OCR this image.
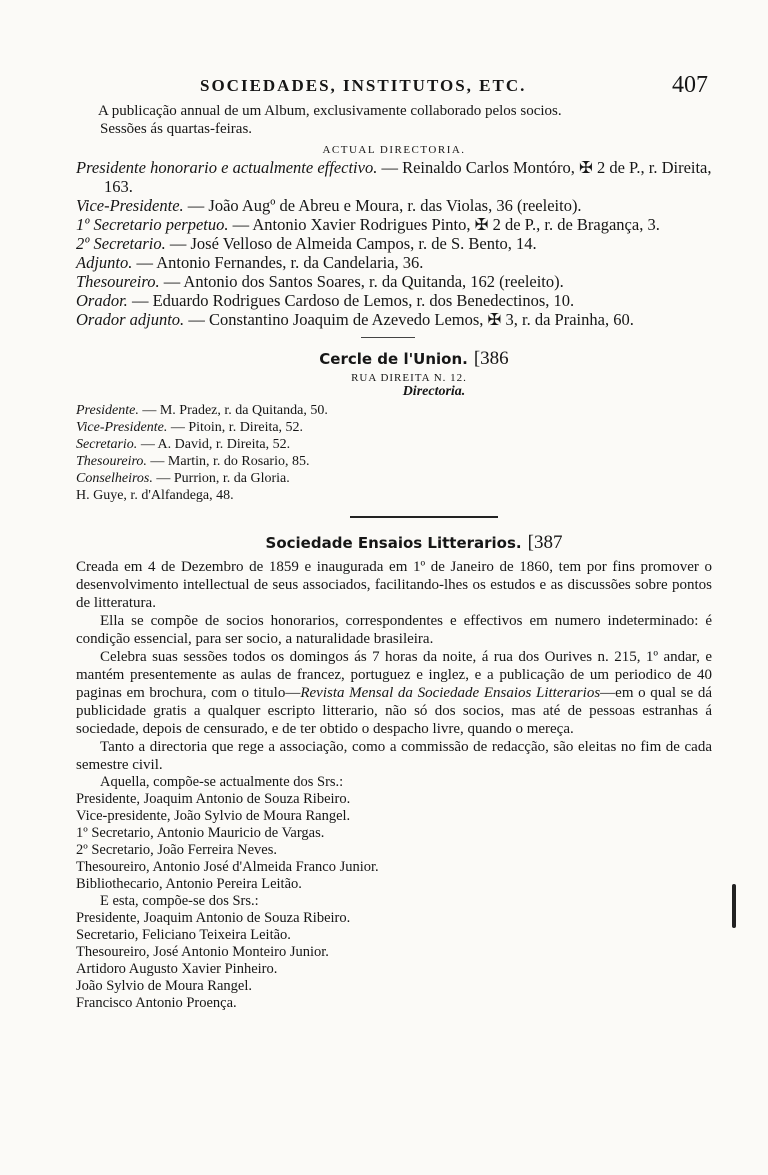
SOCIEDADES, INSTITUTOS, ETC.	407

A publicação annual de um Album, exclusivamente collaborado pelos socios.

Sessões ás quartas-feiras.

ACTUAL DIRECTORIA.

Presidente honorario e actualmente effectivo. — Reinaldo Carlos Montóro, ✠ 2 de P., r. Direita, 163.

Vice-Presidente. — João Augº de Abreu e Moura, r. das Violas, 36 (reeleito).

1º Secretario perpetuo. — Antonio Xavier Rodrigues Pinto, ✠ 2 de P., r. de Bragança, 3.

2º Secretario. — José Velloso de Almeida Campos, r. de S. Bento, 14.

Adjunto. — Antonio Fernandes, r. da Candelaria, 36.

Thesoureiro. — Antonio dos Santos Soares, r. da Quitanda, 162 (reeleito).

Orador. — Eduardo Rodrigues Cardoso de Lemos, r. dos Benedectinos, 10.

Orador adjunto. — Constantino Joaquim de Azevedo Lemos, ✠ 3, r. da Prainha, 60.

Cercle de l'Union. [386
RUA DIREITA N. 12.
Directoria.

Presidente. — M. Pradez, r. da Quitanda, 50.

Vice-Presidente. — Pitoin, r. Direita, 52.

Secretario. — A. David, r. Direita, 52.

Thesoureiro. — Martin, r. do Rosario, 85.

Conselheiros. — Purrion, r. da Gloria.

H. Guye, r. d'Alfandega, 48.

Sociedade Ensaios Litterarios. [387

Creada em 4 de Dezembro de 1859 e inaugurada em 1º de Janeiro de 1860, tem por fins promover o desenvolvimento intellectual de seus associados, facilitando-lhes os estudos e as discussões sobre pontos de litteratura.

Ella se compõe de socios honorarios, correspondentes e effectivos em numero indeterminado: é condição essencial, para ser socio, a naturalidade brasileira.

Celebra suas sessões todos os domingos ás 7 horas da noite, á rua dos Ourives n. 215, 1º andar, e mantém presentemente as aulas de francez, portuguez e inglez, e a publicação de um periodico de 40 paginas em brochura, com o titulo—Revista Mensal da Sociedade Ensaios Litterarios—em o qual se dá publicidade gratis a qualquer escripto litterario, não só dos socios, mas até de pessoas estranhas á sociedade, depois de censurado, e de ter obtido o despacho livre, quando o mereça.

Tanto a directoria que rege a associação, como a commissão de redacção, são eleitas no fim de cada semestre civil.

Aquella, compõe-se actualmente dos Srs.:

Presidente, Joaquim Antonio de Souza Ribeiro.

Vice-presidente, João Sylvio de Moura Rangel.

1º Secretario, Antonio Mauricio de Vargas.

2º Secretario, João Ferreira Neves.

Thesoureiro, Antonio José d'Almeida Franco Junior.

Bibliothecario, Antonio Pereira Leitão.

E esta, compõe-se dos Srs.:

Presidente, Joaquim Antonio de Souza Ribeiro.

Secretario, Feliciano Teixeira Leitão.

Thesoureiro, José Antonio Monteiro Junior.

Artidoro Augusto Xavier Pinheiro.

João Sylvio de Moura Rangel.

Francisco Antonio Proença.
